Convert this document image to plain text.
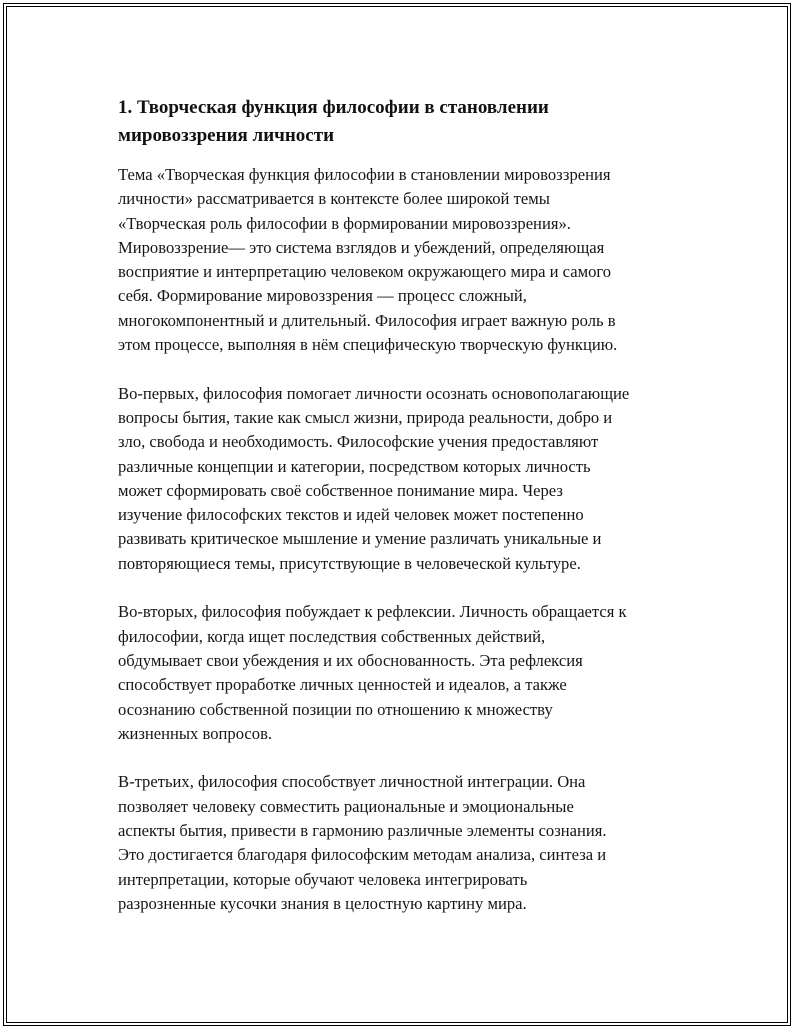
1. Творческая функция философии в становлении
мировоззрения личности

Тема «Творческая функция философии в становлении мировоззрения
личности» рассматривается в контексте более широкой темы
«Творческая роль философии в формировании мировоззрения».
Мировоззрение— это система взглядов и убеждений, определяющая
восприятие и интерпретацию человеком окружающего мира и самого
себя. Формирование мировоззрения — процесс сложный,
многокомпонентный и длительный. Философия играет важную роль в
этом процессе, выполняя в нём специфическую творческую функцию.

Во-первых, философия помогает личности осознать основополагающие
вопросы бытия, такие как смысл жизни, природа реальности, добро и
зло, свобода и необходимость. Философские учения предоставляют
различные концепции и категории, посредством которых личность
может сформировать своё собственное понимание мира. Через
изучение философских текстов и идей человек может постепенно
развивать критическое мышление и умение различать уникальные и
повторяющиеся темы, присутствующие в человеческой культуре.

Во-вторых, философия побуждает к рефлексии. Личность обращается к
философии, когда ищет последствия собственных действий,
обдумывает свои убеждения и их обоснованность. Эта рефлексия
способствует проработке личных ценностей и идеалов, а также
осознанию собственной позиции по отношению к множеству
жизненных вопросов.

В-третьих, философия способствует личностной интеграции. Она
позволяет человеку совместить рациональные и эмоциональные
аспекты бытия, привести в гармонию различные элементы сознания.
Это достигается благодаря философским методам анализа, синтеза и
интерпретации, которые обучают человека интегрировать
разрозненные кусочки знания в целостную картину мира.
